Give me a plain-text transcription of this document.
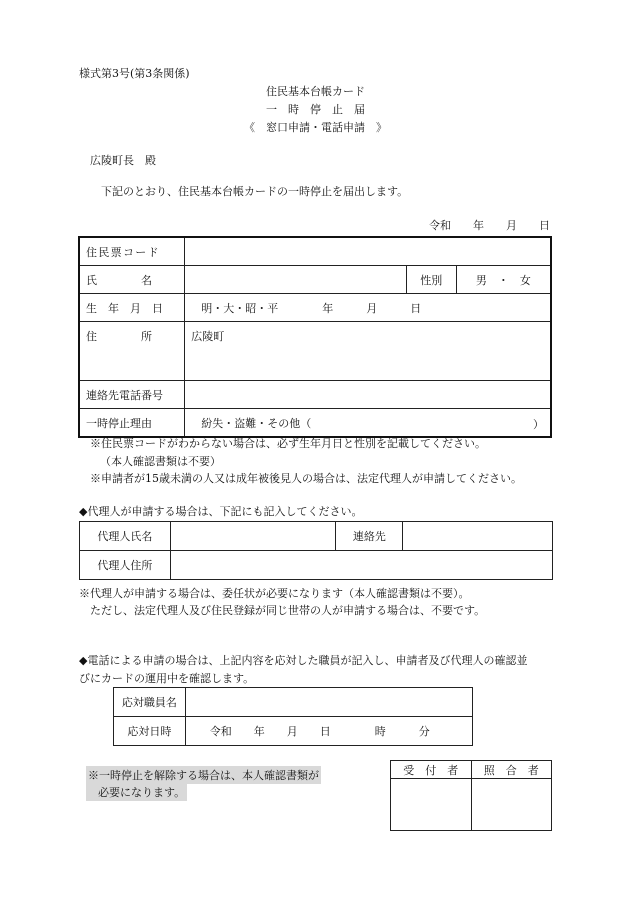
様式第3号(第3条関係)
住民基本台帳カード
一　時　停　止　届
《　窓口申請・電話申請　》
広陵町長　殿
下記のとおり、住民基本台帳カードの一時停止を届出します。
令和　　年　　月　　日
住民票コード			
氏　　　　名		性別	男　・　女
生　年　月　日	明・大・昭・平　　　　年　　　月　　　日		
住　　　　所	広陵町		
連絡先電話番号			
一時停止理由	紛失・盗難・その他（ ）		
※住民票コードがわからない場合は、必ず生年月日と性別を記載してください。
（本人確認書類は不要）
※申請者が15歳未満の人又は成年被後見人の場合は、法定代理人が申請してください。
◆代理人が申請する場合は、下記にも記入してください。
代理人氏名		連絡先	
代理人住所			
※代理人が申請する場合は、委任状が必要になります（本人確認書類は不要）。
ただし、法定代理人及び住民登録が同じ世帯の人が申請する場合は、不要です。
◆電話による申請の場合は、上記内容を応対した職員が記入し、申請者及び代理人の確認並
びにカードの運用中を確認します。
応対職員名	
応対日時	令和　　年　　月　　日　　　　時　　　分
※一時停止を解除する場合は、本人確認書類が
必要になります。
受　付　者	照　合　者
